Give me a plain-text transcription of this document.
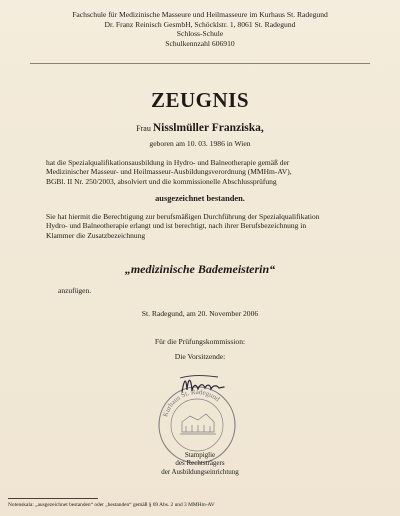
Fachschule für Medizinische Masseure und Heilmasseure im Kurhaus St. Radegund
Dr. Franz Reinisch GesmbH, Schöcklstr. 1, 8061 St. Radegund
Schloss-Schule
Schulkennzahl 606910
ZEUGNIS
Frau Nisslmüller Franziska,
geboren am 10. 03. 1986 in Wien
hat die Spezialqualifikationsausbildung in Hydro- und Balneotherapie gemäß der
Medizinischer Masseur- und Heilmasseur-Ausbildungsverordnung (MMHm-AV),
BGBl. II Nr. 250/2003, absolviert und die kommissionelle Abschlussprüfung
ausgezeichnet bestanden.
Sie hat hiermit die Berechtigung zur berufsmäßigen Durchführung der Spezialqualifikation
Hydro- und Balneotherapie erlangt und ist berechtigt, nach ihrer Berufsbezeichnung in
Klammer die Zusatzbezeichnung
„medizinische Bademeisterin“
anzufügen.
St. Radegund, am 20. November 2006
Für die Prüfungskommission:
Die Vorsitzende:
Kurhaus St. Radegund
Stampiglie
des Rechtsträgers
der Ausbildungseinrichtung
Notenskala: „ausgezeichnet bestanden“ oder „bestanden“ gemäß § 69 Abs. 2 und 3 MMHm-AV
